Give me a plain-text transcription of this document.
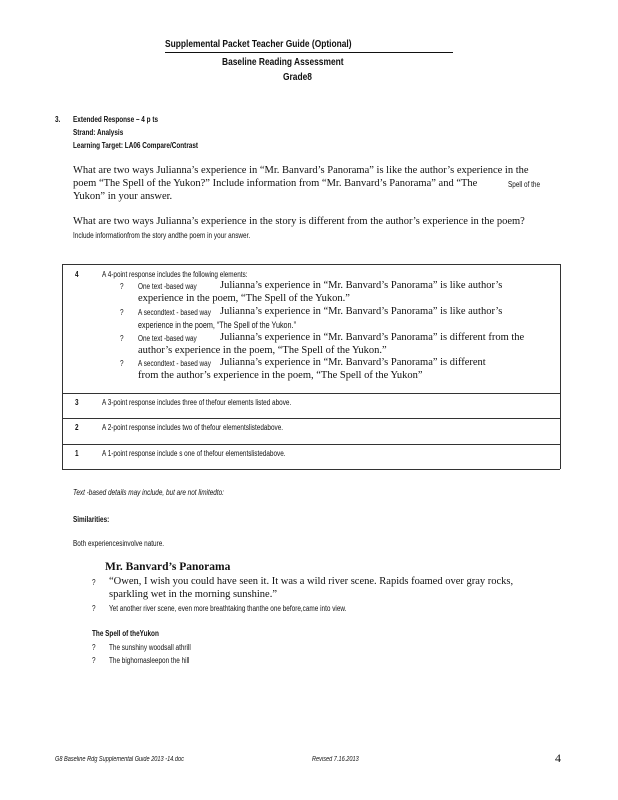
Supplemental Packet Teacher Guide (Optional)
Baseline Reading Assessment
Grade8
3. Extended Response – 4 p ts
Strand: Analysis
Learning Target: LA06 Compare/Contrast
What are two ways Julianna’s experience in “Mr. Banvard’s Panorama” is like the author’s experience in the
poem “The Spell of the Yukon?” Include information from “Mr. Banvard’s Panorama” and “The	Spell of the
Yukon” in your answer.
What are two ways Julianna’s experience in the story is different from the author’s experience in the poem?
Include informationfrom the story andthe poem in your answer.
4	A 4-point response includes the following elements:
? One text -based way Julianna’s experience in “Mr. Banvard’s Panorama” is like author’s
experience in the poem, “The Spell of the Yukon.”
? A secondtext - based way Julianna’s experience in “Mr. Banvard’s Panorama” is like author’s
experience in the poem, “The Spell of the Yukon.”
? One text -based way Julianna’s experience in “Mr. Banvard’s Panorama” is different from the
author’s experience in the poem, “The Spell of the Yukon.”
? A secondtext - based way Julianna’s experience in “Mr. Banvard’s Panorama” is different
from the author’s experience in the poem, “The Spell of the Yukon”
3	A 3-point response includes three of thefour elements listed above.
2	A 2-point response includes two of thefour elementslistedabove.
1	A 1-point response include s one of thefour elementslistedabove.
Text -based details may include, but are not limitedto:
Similarities:
Both experiencesinvolve nature.
Mr. Banvard’s Panorama
? “Owen, I wish you could have seen it. It was a wild river scene. Rapids foamed over gray rocks,
sparkling wet in the morning sunshine.”
? Yet another river scene, even more breathtaking thanthe one before,came into view.
The Spell of theYukon
? The sunshiny woodsall athrill
? The bighornasleepon the hill
G8 Baseline Rdg Supplemental Guide 2013 -14.doc	Revised 7.16.2013	4
